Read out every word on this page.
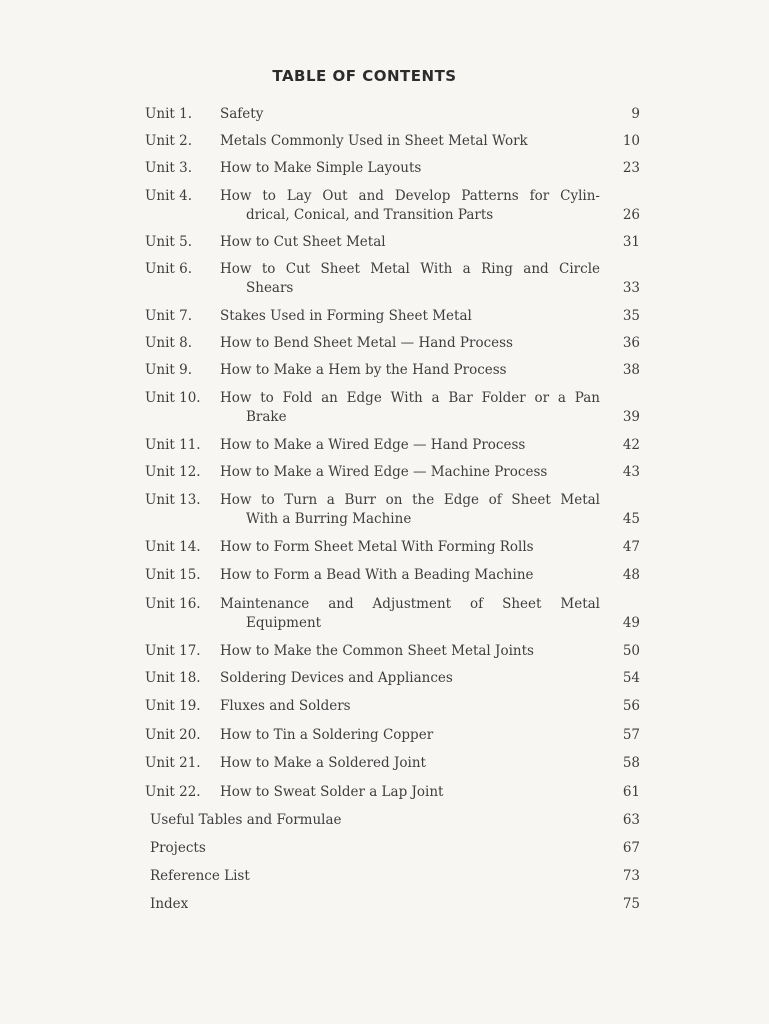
TABLE OF CONTENTS
Unit 1. Safety	9
Unit 2. Metals Commonly Used in Sheet Metal Work	10
Unit 3. How to Make Simple Layouts	23
Unit 4. How to Lay Out and Develop Patterns for Cylin-
drical, Conical, and Transition Parts	26
Unit 5. How to Cut Sheet Metal	31
Unit 6. How to Cut Sheet Metal With a Ring and Circle
Shears	33
Unit 7. Stakes Used in Forming Sheet Metal	35
Unit 8. How to Bend Sheet Metal — Hand Process	36
Unit 9. How to Make a Hem by the Hand Process	38
Unit 10. How to Fold an Edge With a Bar Folder or a Pan
Brake	39
Unit 11. How to Make a Wired Edge — Hand Process	42
Unit 12. How to Make a Wired Edge — Machine Process	43
Unit 13. How to Turn a Burr on the Edge of Sheet Metal
With a Burring Machine	45
Unit 14. How to Form Sheet Metal With Forming Rolls	47
Unit 15. How to Form a Bead With a Beading Machine	48
Unit 16. Maintenance and Adjustment of Sheet Metal
Equipment	49
Unit 17. How to Make the Common Sheet Metal Joints	50
Unit 18. Soldering Devices and Appliances	54
Unit 19. Fluxes and Solders	56
Unit 20. How to Tin a Soldering Copper	57
Unit 21. How to Make a Soldered Joint	58
Unit 22. How to Sweat Solder a Lap Joint	61
Useful Tables and Formulae	63
Projects	67
Reference List	73
Index	75
